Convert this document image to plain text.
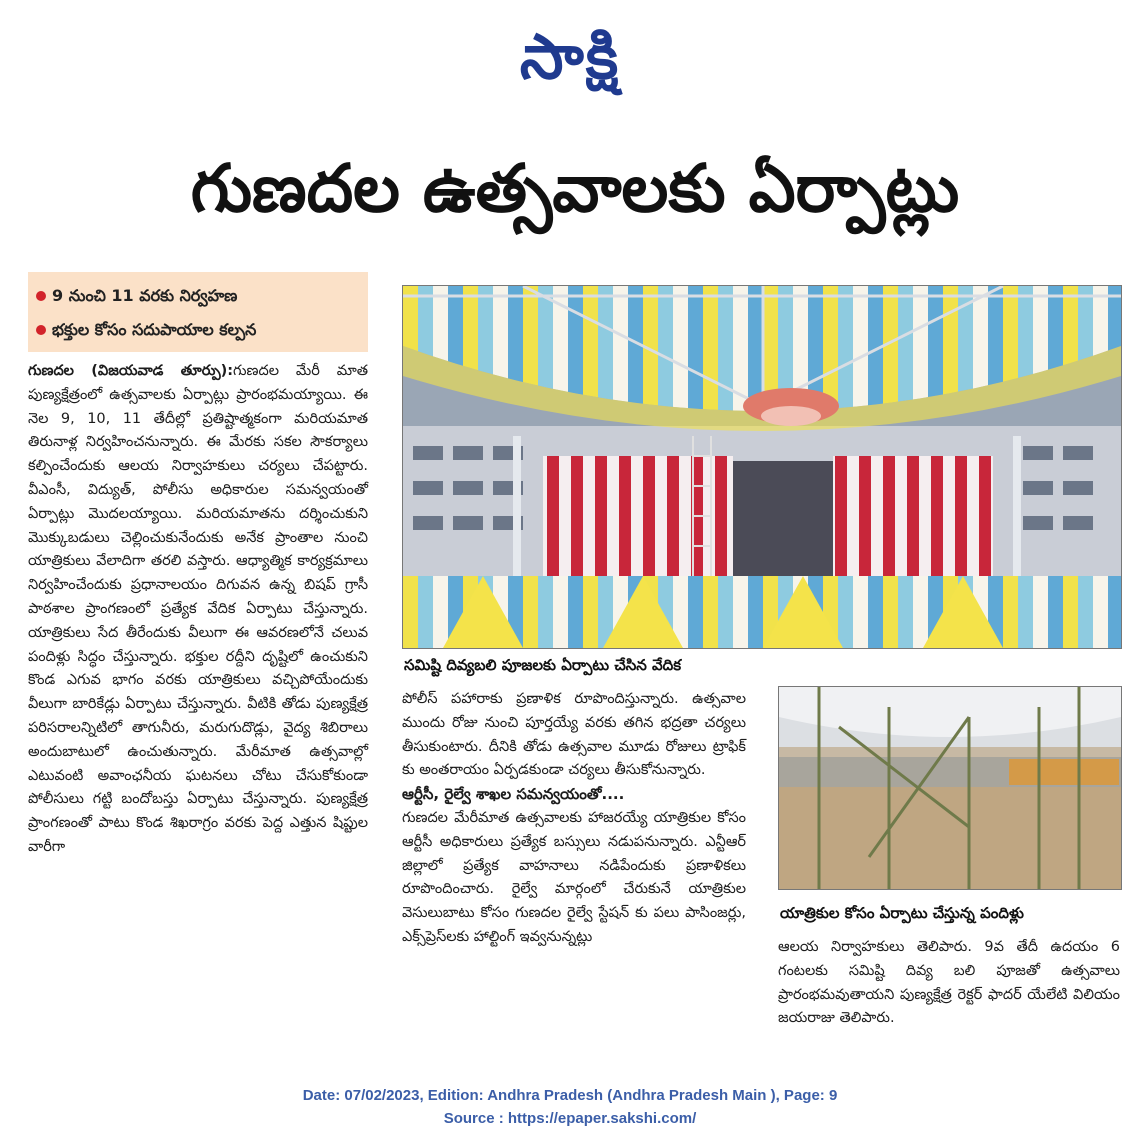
సాక్షి
గుణదల ఉత్సవాలకు ఏర్పాట్లు
9 నుంచి 11 వరకు నిర్వహణ
భక్తుల కోసం సదుపాయాల కల్పన

గుణదల (విజయవాడ తూర్పు):గుణదల మేరీ మాత పుణ్యక్షేత్రంలో ఉత్సవాలకు ఏర్పాట్లు ప్రారంభమయ్యాయి. ఈ నెల 9, 10, 11 తేదీల్లో ప్రతిష్టాత్మకంగా మరియమాత తిరునాళ్ల నిర్వహించనున్నారు. ఈ మేరకు సకల సౌకర్యాలు కల్పించేందుకు ఆలయ నిర్వాహకులు చర్యలు చేపట్టారు. వీఎంసీ, విద్యుత్, పోలీసు అధికారుల సమన్వయంతో ఏర్పాట్లు మొదలయ్యాయి. మరియమాతను దర్శించుకుని మొక్కుబడులు చెల్లించుకునేందుకు అనేక ప్రాంతాల నుంచి యాత్రికులు వేలాదిగా తరలి వస్తారు. ఆధ్యాత్మిక కార్యక్రమాలు నిర్వహించేందుకు ప్రధానాలయం దిగువన ఉన్న బిషప్ గ్రాసీ పాఠశాల ప్రాంగణంలో ప్రత్యేక వేదిక ఏర్పాటు చేస్తున్నారు. యాత్రికులు సేద తీరేందుకు వీలుగా ఈ ఆవరణలోనే చలువ పందిళ్లు సిద్ధం చేస్తున్నారు. భక్తుల రద్దీని దృష్టిలో ఉంచుకుని కొండ ఎగువ భాగం వరకు యాత్రికులు వచ్చిపోయేందుకు వీలుగా బారికేడ్లు ఏర్పాటు చేస్తున్నారు. వీటికి తోడు పుణ్యక్షేత్ర పరిసరాలన్నిటిలో తాగునీరు, మరుగుదొడ్లు, వైద్య శిబిరాలు అందుబాటులో ఉంచుతున్నారు. మేరీమాత ఉత్సవాల్లో ఎటువంటి అవాంఛనీయ ఘటనలు చోటు చేసుకోకుండా పోలీసులు గట్టి బందోబస్తు ఏర్పాటు చేస్తున్నారు. పుణ్యక్షేత్ర ప్రాంగణంతో పాటు కొండ శిఖరాగ్రం వరకు పెద్ద ఎత్తున షిప్టుల వారీగా

సమిష్టి దివ్యబలి పూజలకు ఏర్పాటు చేసిన వేదిక

పోలీస్ పహారాకు ప్రణాళిక రూపొందిస్తున్నారు. ఉత్సవాల ముందు రోజు నుంచి పూర్తయ్యే వరకు తగిన భద్రతా చర్యలు తీసుకుంటారు. దీనికి తోడు ఉత్సవాల మూడు రోజులు ట్రాఫిక్ కు అంతరాయం ఏర్పడకుండా చర్యలు తీసుకోనున్నారు.

ఆర్టీసీ, రైల్వే శాఖల సమన్వయంతో....

గుణదల మేరీమాత ఉత్సవాలకు హాజరయ్యే యాత్రికుల కోసం ఆర్టీసీ అధికారులు ప్రత్యేక బస్సులు నడుపనున్నారు. ఎన్టీఆర్ జిల్లాలో ప్రత్యేక వాహనాలు నడిపేందుకు ప్రణాళికలు రూపొందించారు. రైల్వే మార్గంలో చేరుకునే యాత్రికుల వెసులుబాటు కోసం గుణదల రైల్వే స్టేషన్ కు పలు పాసింజర్లు, ఎక్స్‌ప్రెస్‌లకు హాల్టింగ్ ఇవ్వనున్నట్లు

యాత్రికుల కోసం ఏర్పాటు చేస్తున్న పందిళ్లు

ఆలయ నిర్వాహకులు తెలిపారు. 9వ తేదీ ఉదయం 6 గంటలకు సమిష్టి దివ్య బలి పూజతో ఉత్సవాలు ప్రారంభమవుతాయని పుణ్యక్షేత్ర రెక్టర్ ఫాదర్ యేలేటి విలియం జయరాజు తెలిపారు.

Date: 07/02/2023, Edition: Andhra Pradesh (Andhra Pradesh Main ), Page: 9
Source : https://epaper.sakshi.com/
